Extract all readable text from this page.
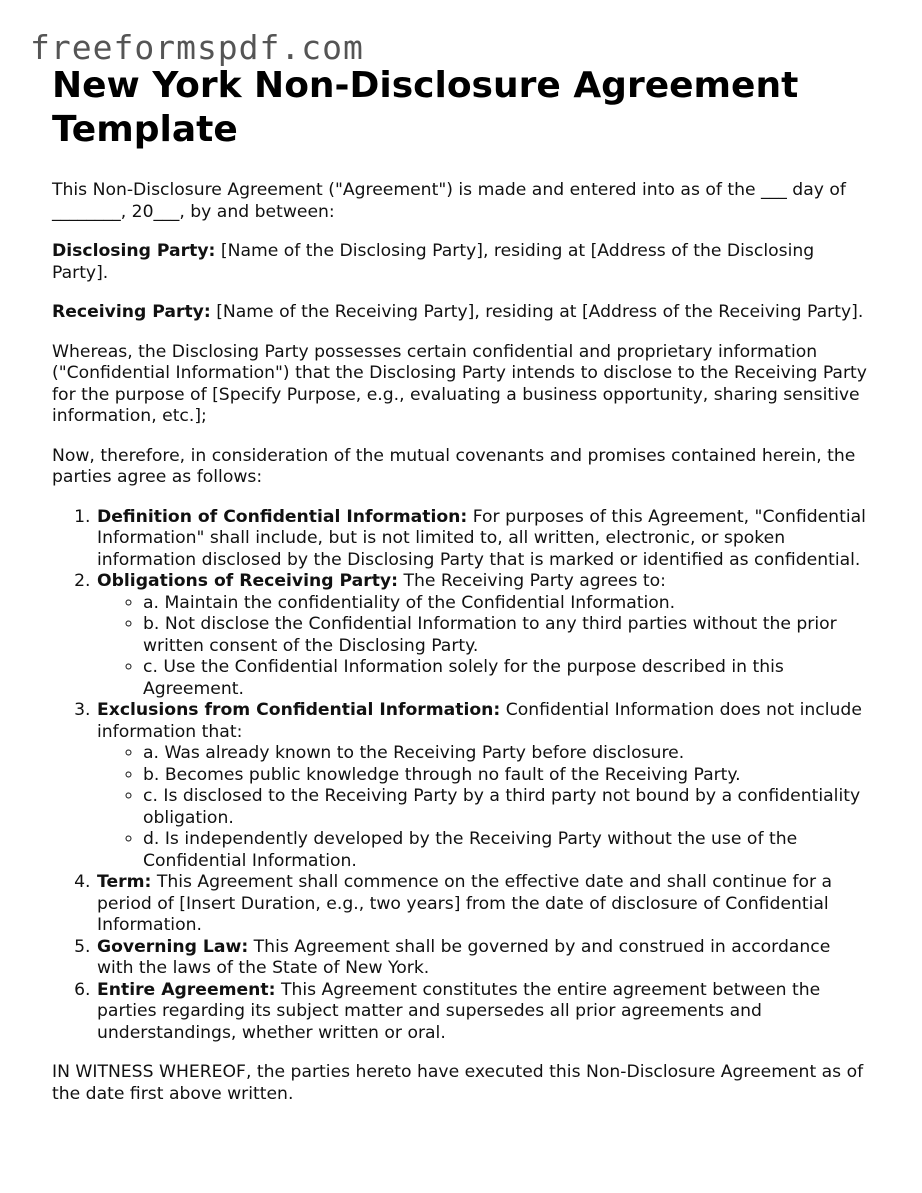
freeformspdf.com
New York Non-Disclosure Agreement Template

This Non-Disclosure Agreement ("Agreement") is made and entered into as of the ___ day of ________, 20___, by and between:

Disclosing Party: [Name of the Disclosing Party], residing at [Address of the Disclosing Party].

Receiving Party: [Name of the Receiving Party], residing at [Address of the Receiving Party].

Whereas, the Disclosing Party possesses certain confidential and proprietary information ("Confidential Information") that the Disclosing Party intends to disclose to the Receiving Party for the purpose of [Specify Purpose, e.g., evaluating a business opportunity, sharing sensitive information, etc.];

Now, therefore, in consideration of the mutual covenants and promises contained herein, the parties agree as follows:

1. Definition of Confidential Information: For purposes of this Agreement, "Confidential Information" shall include, but is not limited to, all written, electronic, or spoken information disclosed by the Disclosing Party that is marked or identified as confidential.
2. Obligations of Receiving Party: The Receiving Party agrees to:
◦ a. Maintain the confidentiality of the Confidential Information.
◦ b. Not disclose the Confidential Information to any third parties without the prior written consent of the Disclosing Party.
◦ c. Use the Confidential Information solely for the purpose described in this Agreement.
3. Exclusions from Confidential Information: Confidential Information does not include information that:
◦ a. Was already known to the Receiving Party before disclosure.
◦ b. Becomes public knowledge through no fault of the Receiving Party.
◦ c. Is disclosed to the Receiving Party by a third party not bound by a confidentiality obligation.
◦ d. Is independently developed by the Receiving Party without the use of the Confidential Information.
4. Term: This Agreement shall commence on the effective date and shall continue for a period of [Insert Duration, e.g., two years] from the date of disclosure of Confidential Information.
5. Governing Law: This Agreement shall be governed by and construed in accordance with the laws of the State of New York.
6. Entire Agreement: This Agreement constitutes the entire agreement between the parties regarding its subject matter and supersedes all prior agreements and understandings, whether written or oral.

IN WITNESS WHEREOF, the parties hereto have executed this Non-Disclosure Agreement as of the date first above written.
